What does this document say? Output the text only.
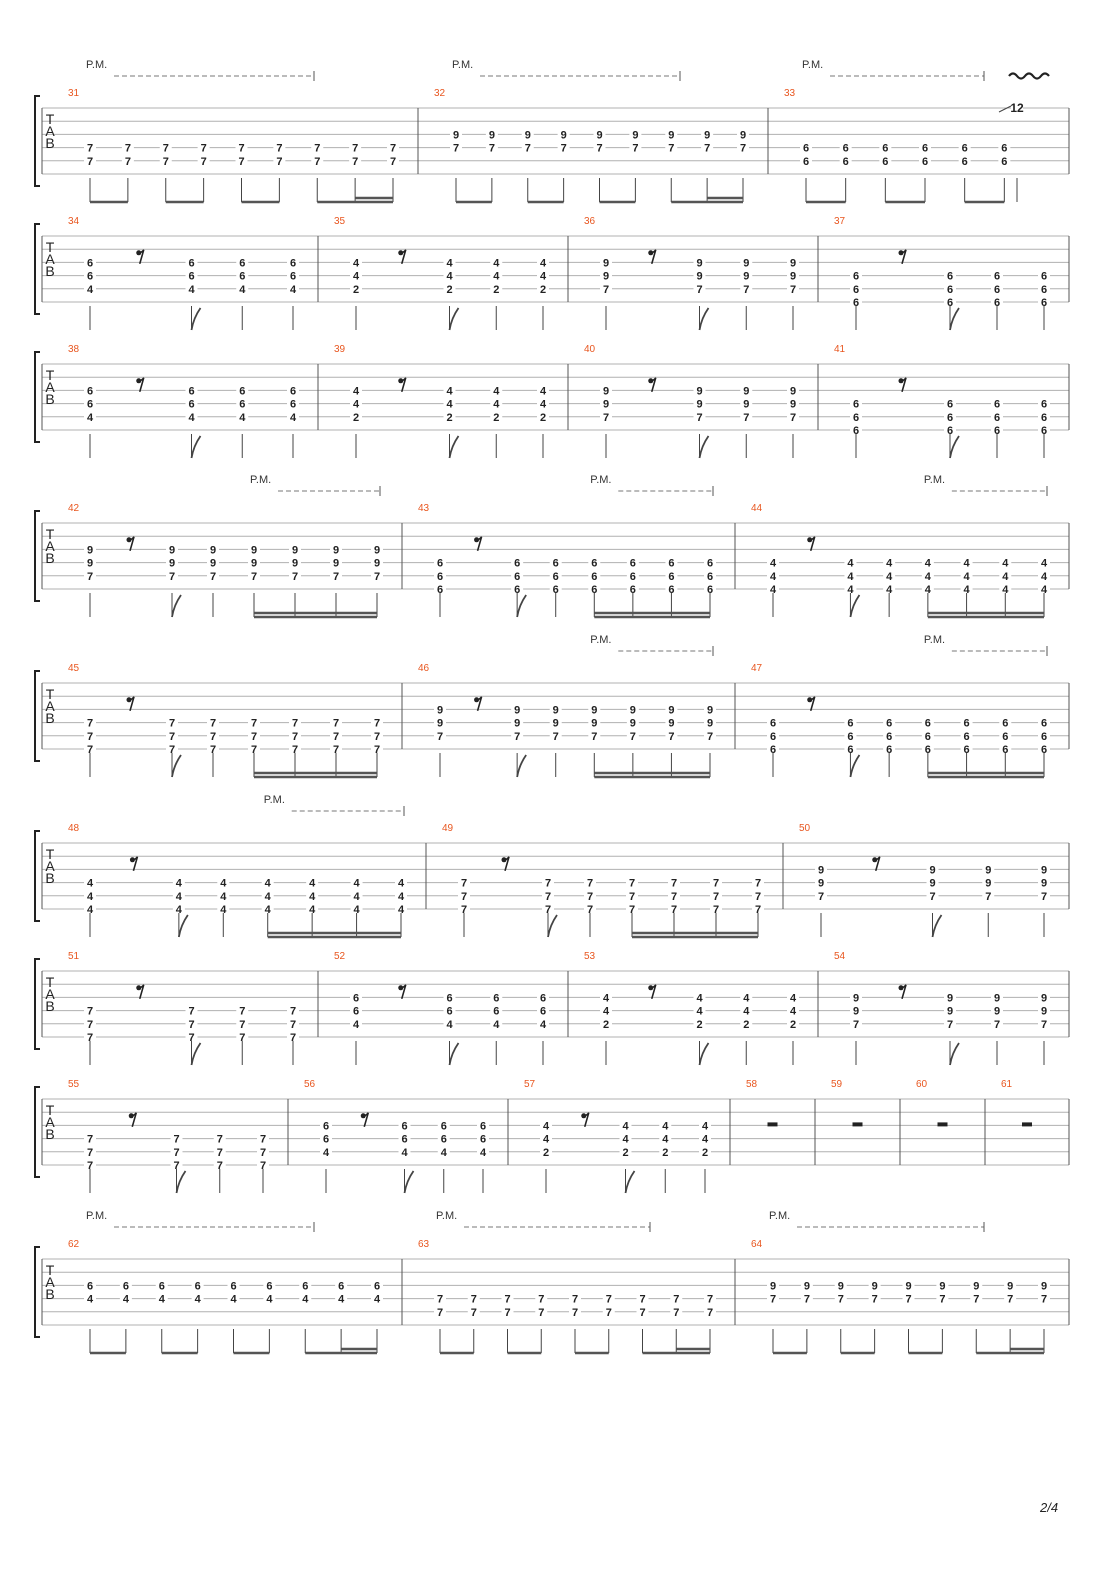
T
A
B
31
7
7
7
7
7
7
7
7
7
7
7
7
7
7
7
7
7
7
P.M.
32
9
7
9
7
9
7
9
7
9
7
9
7
9
7
9
7
9
7
P.M.
33
6
6
6
6
6
6
6
6
6
6
6
6
12
P.M.
T
A
B
34
6
6
4
6
6
4
6
6
4
6
6
4
35
4
4
2
4
4
2
4
4
2
4
4
2
36
9
9
7
9
9
7
9
9
7
9
9
7
37
6
6
6
6
6
6
6
6
6
6
6
6
T
A
B
38
6
6
4
6
6
4
6
6
4
6
6
4
39
4
4
2
4
4
2
4
4
2
4
4
2
40
9
9
7
9
9
7
9
9
7
9
9
7
41
6
6
6
6
6
6
6
6
6
6
6
6
T
A
B
42
9
9
7
9
9
7
9
9
7
9
9
7
9
9
7
9
9
7
9
9
7
P.M.
43
6
6
6
6
6
6
6
6
6
6
6
6
6
6
6
6
6
6
6
6
6
P.M.
44
4
4
4
4
4
4
4
4
4
4
4
4
4
4
4
4
4
4
4
4
4
P.M.
T
A
B
45
7
7
7
7
7
7
7
7
7
7
7
7
7
7
7
7
7
7
7
7
7
46
9
9
7
9
9
7
9
9
7
9
9
7
9
9
7
9
9
7
9
9
7
P.M.
47
6
6
6
6
6
6
6
6
6
6
6
6
6
6
6
6
6
6
6
6
6
P.M.
T
A
B
48
4
4
4
4
4
4
4
4
4
4
4
4
4
4
4
4
4
4
4
4
4
P.M.
49
7
7
7
7
7
7
7
7
7
7
7
7
7
7
7
7
7
7
7
7
7
50
9
9
7
9
9
7
9
9
7
9
9
7
T
A
B
51
7
7
7
7
7
7
7
7
7
7
7
7
52
6
6
4
6
6
4
6
6
4
6
6
4
53
4
4
2
4
4
2
4
4
2
4
4
2
54
9
9
7
9
9
7
9
9
7
9
9
7
T
A
B
55
7
7
7
7
7
7
7
7
7
7
7
7
56
6
6
4
6
6
4
6
6
4
6
6
4
57
4
4
2
4
4
2
4
4
2
4
4
2
58	59	60	61
T
A
B
62
6
4
6
4
6
4
6
4
6
4
6
4
6
4
6
4
6
4
P.M.
63
7
7
7
7
7
7
7
7
7
7
7
7
7
7
7
7
7
7
P.M.
64
9
7
9
7
9
7
9
7
9
7
9
7
9
7
9
7
9
7
P.M.
2/4
